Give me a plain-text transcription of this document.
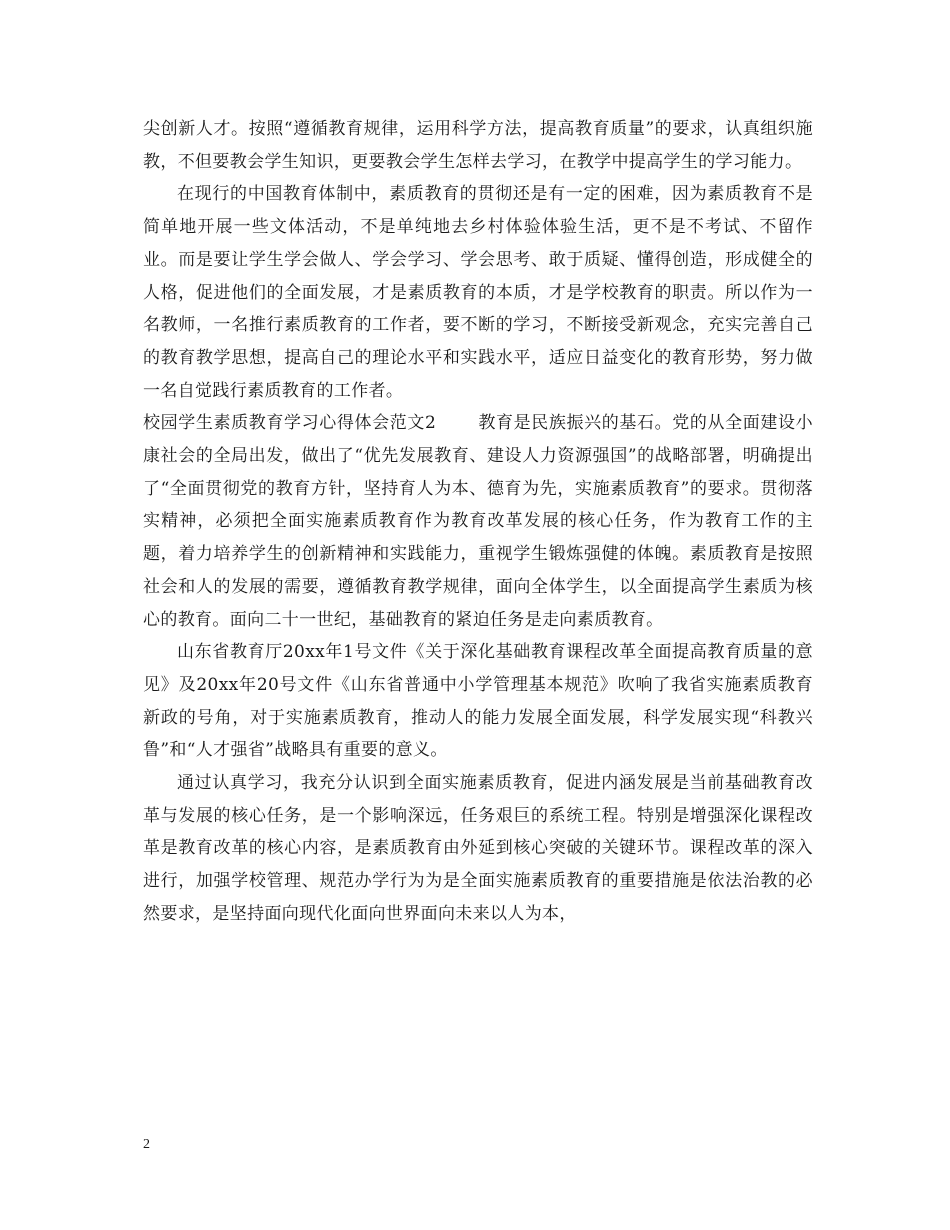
尖创新人才。按照“遵循教育规律，运用科学方法，提高教育质量”的要求，认真组织施教，不但要教会学生知识，更要教会学生怎样去学习，在教学中提高学生的学习能力。

在现行的中国教育体制中，素质教育的贯彻还是有一定的困难，因为素质教育不是简单地开展一些文体活动，不是单纯地去乡村体验体验生活，更不是不考试、不留作业。而是要让学生学会做人、学会学习、学会思考、敢于质疑、懂得创造，形成健全的人格，促进他们的全面发展，才是素质教育的本质，才是学校教育的职责。所以作为一名教师，一名推行素质教育的工作者，要不断的学习，不断接受新观念，充实完善自己的教育教学思想，提高自己的理论水平和实践水平，适应日益变化的教育形势，努力做一名自觉践行素质教育的工作者。

校园学生素质教育学习心得体会范文2 教育是民族振兴的基石。党的从全面建设小康社会的全局出发，做出了“优先发展教育、建设人力资源强国”的战略部署，明确提出了“全面贯彻党的教育方针，坚持育人为本、德育为先，实施素质教育”的要求。贯彻落实精神，必须把全面实施素质教育作为教育改革发展的核心任务，作为教育工作的主题，着力培养学生的创新精神和实践能力，重视学生锻炼强健的体魄。素质教育是按照社会和人的发展的需要，遵循教育教学规律，面向全体学生，以全面提高学生素质为核心的教育。面向二十一世纪，基础教育的紧迫任务是走向素质教育。

山东省教育厅20xx年1号文件《关于深化基础教育课程改革全面提高教育质量的意见》及20xx年20号文件《山东省普通中小学管理基本规范》吹响了我省实施素质教育新政的号角，对于实施素质教育，推动人的能力发展全面发展，科学发展实现“科教兴鲁”和“人才强省”战略具有重要的意义。

通过认真学习，我充分认识到全面实施素质教育，促进内涵发展是当前基础教育改革与发展的核心任务，是一个影响深远，任务艰巨的系统工程。特别是增强深化课程改革是教育改革的核心内容，是素质教育由外延到核心突破的关键环节。课程改革的深入进行，加强学校管理、规范办学行为为是全面实施素质教育的重要措施是依法治教的必然要求，是坚持面向现代化面向世界面向未来以人为本，

2
